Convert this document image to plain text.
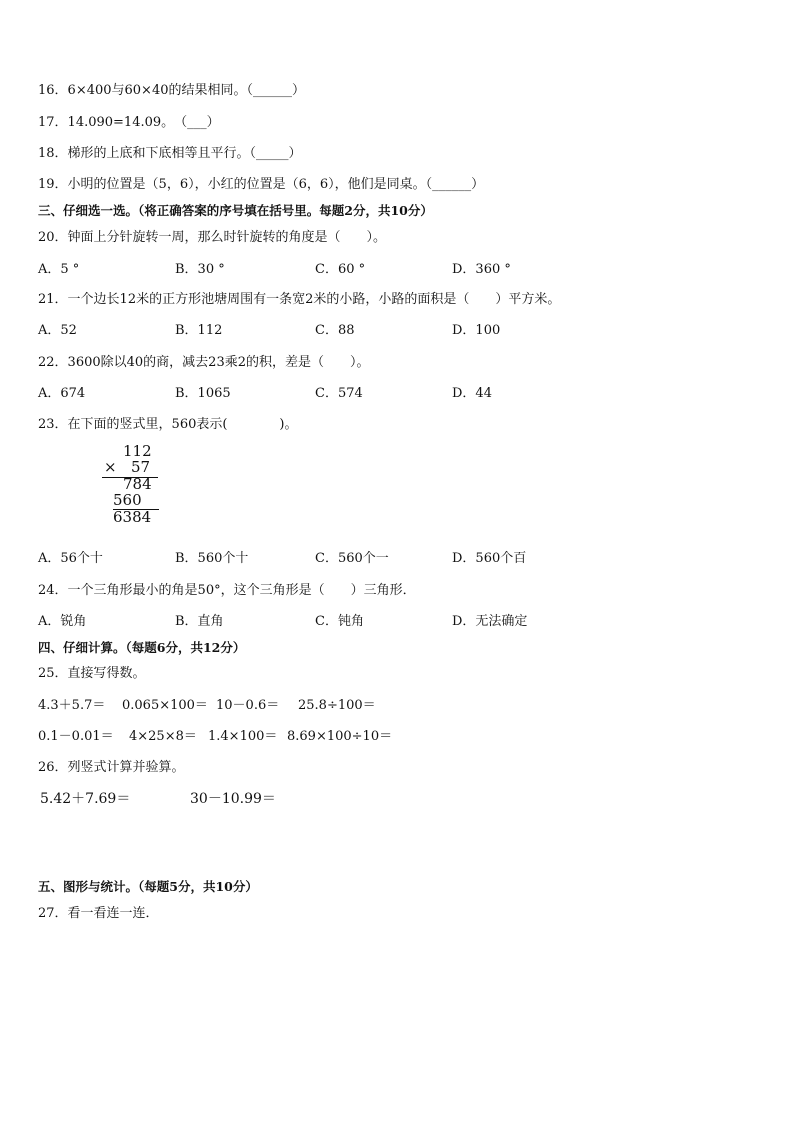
16．6×400与60×40的结果相同。（______）
17．14.090=14.09。　（___）
18．梯形的上底和下底相等且平行。（_____）
19．小明的位置是（5，6），小红的位置是（6，6），他们是同桌。（______）
三、仔细选一选。（将正确答案的序号填在括号里。每题2分，共10分）
20．钟面上分针旋转一周，那么时针旋转的角度是（　　）。
A．5 °	B．30 °	C．60 °	D．360 °
21．一个边长12米的正方形池塘周围有一条宽2米的小路，小路的面积是（　　）平方米。
A．52	B．112	C．88	D．100
22．3600除以40的商，减去23乘2的积，差是（　　）。
A．674	B．1065	C．574	D．44
23．在下面的竖式里，560表示(　　　　)。
112
× 57
784
560
6384
A．56个十	B．560个十	C．560个一	D．560个百
24．一个三角形最小的角是50°，这个三角形是（　　）三角形．
A．锐角	B．直角	C．钝角	D．无法确定
四、仔细计算。（每题6分，共12分）
25．直接写得数。
4.3＋5.7＝ 0.065×100＝ 10－0.6＝ 25.8÷100＝
0.1－0.01＝ 4×25×8＝ 1.4×100＝ 8.69×100÷10＝
26．列竖式计算并验算。
5.42＋7.69＝	30－10.99＝
五、图形与统计。（每题5分，共10分）
27．看一看连一连．
